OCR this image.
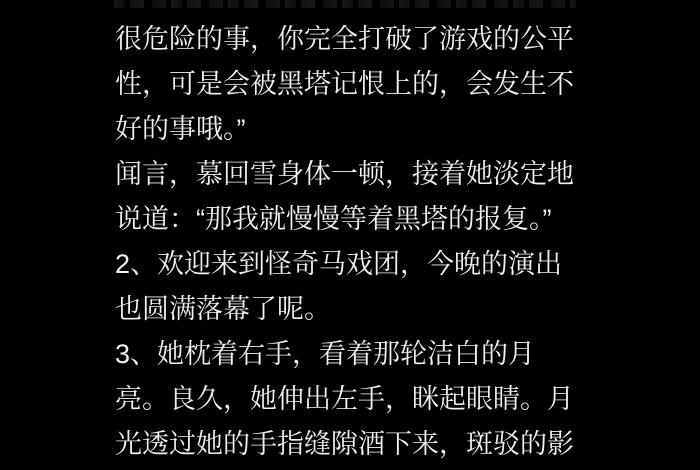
很危险的事，你完全打破了游戏的公平
性，可是会被黑塔记恨上的，会发生不
好的事哦。”
闻言，慕回雪身体一顿，接着她淡定地
说道：“那我就慢慢等着黑塔的报复。”
2、欢迎来到怪奇马戏团，今晚的演出
也圆满落幕了呢。
3、她枕着右手，看着那轮洁白的月
亮。良久，她伸出左手，眯起眼睛。月
光透过她的手指缝隙酒下来，斑驳的影
